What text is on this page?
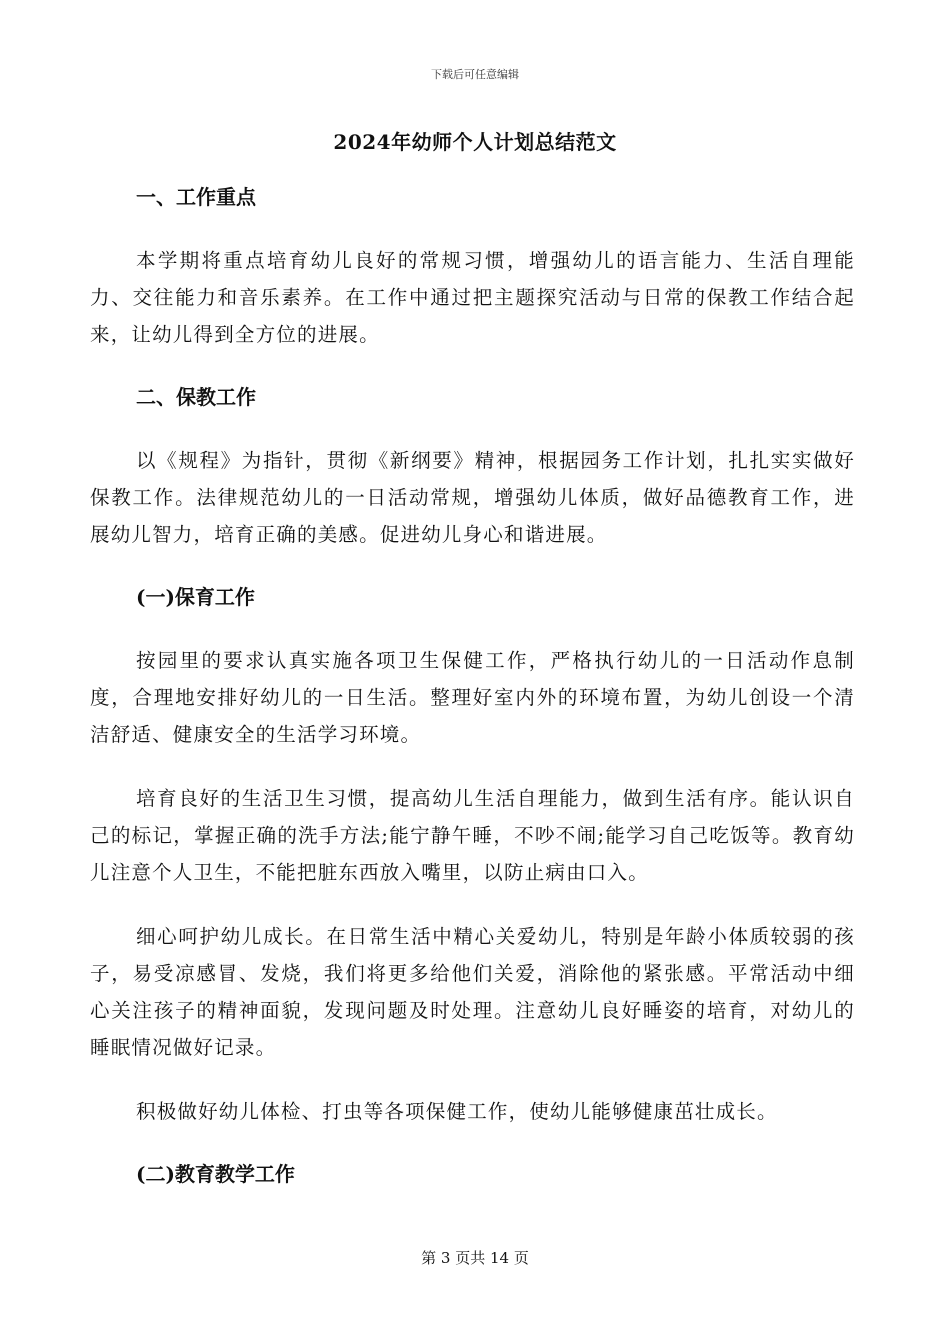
下载后可任意编辑
2024年幼师个人计划总结范文
一、工作重点
本学期将重点培育幼儿良好的常规习惯，增强幼儿的语言能力、生活自理能力、交往能力和音乐素养。在工作中通过把主题探究活动与日常的保教工作结合起来，让幼儿得到全方位的进展。
二、保教工作
以《规程》为指针，贯彻《新纲要》精神，根据园务工作计划，扎扎实实做好保教工作。法律规范幼儿的一日活动常规，增强幼儿体质，做好品德教育工作，进展幼儿智力，培育正确的美感。促进幼儿身心和谐进展。
(一)保育工作
按园里的要求认真实施各项卫生保健工作，严格执行幼儿的一日活动作息制度，合理地安排好幼儿的一日生活。整理好室内外的环境布置，为幼儿创设一个清洁舒适、健康安全的生活学习环境。
培育良好的生活卫生习惯，提高幼儿生活自理能力，做到生活有序。能认识自己的标记，掌握正确的洗手方法;能宁静午睡，不吵不闹;能学习自己吃饭等。教育幼儿注意个人卫生，不能把脏东西放入嘴里，以防止病由口入。
细心呵护幼儿成长。在日常生活中精心关爱幼儿，特别是年龄小体质较弱的孩子，易受凉感冒、发烧，我们将更多给他们关爱，消除他的紧张感。平常活动中细心关注孩子的精神面貌，发现问题及时处理。注意幼儿良好睡姿的培育，对幼儿的睡眠情况做好记录。
积极做好幼儿体检、打虫等各项保健工作，使幼儿能够健康茁壮成长。
(二)教育教学工作
第 3 页共 14 页
